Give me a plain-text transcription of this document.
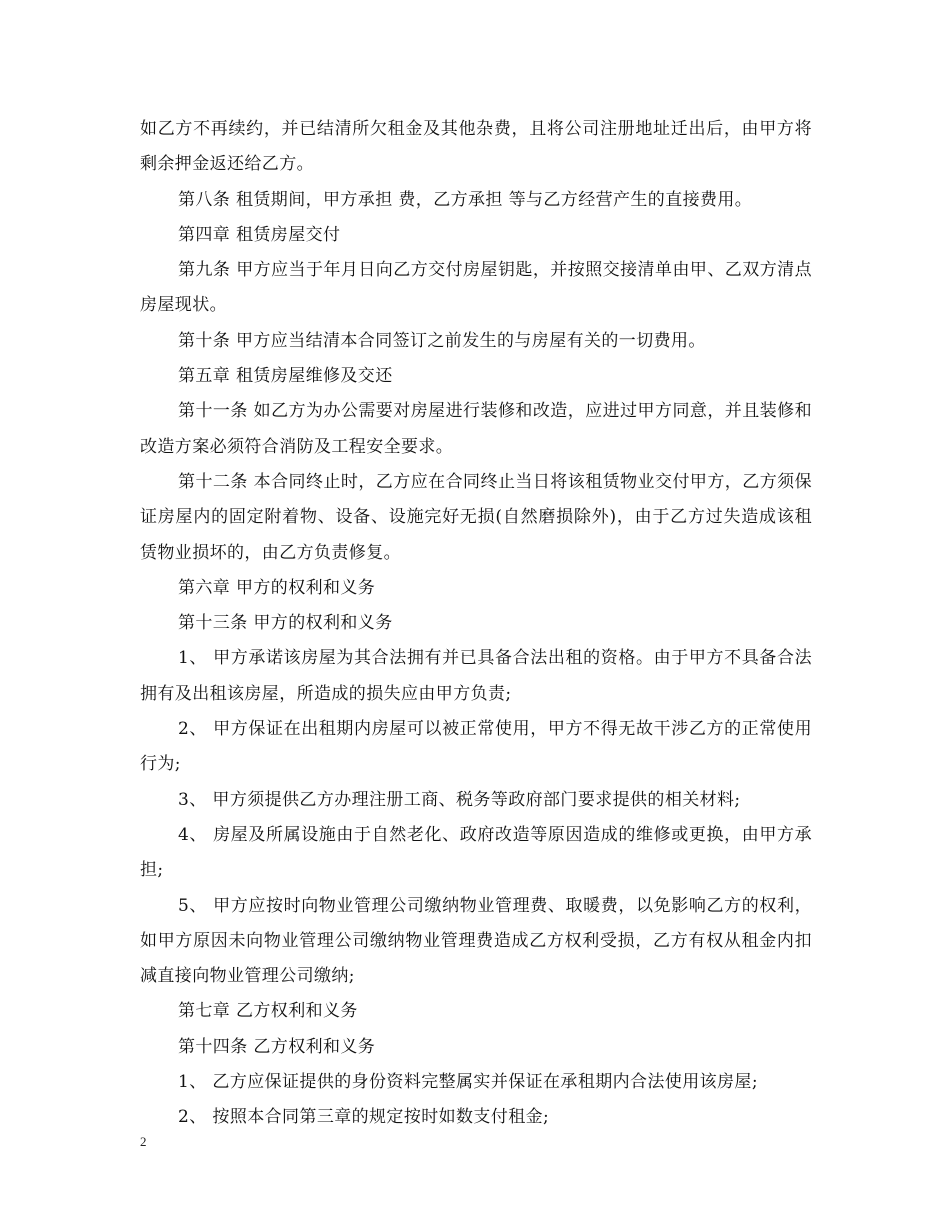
如乙方不再续约，并已结清所欠租金及其他杂费，且将公司注册地址迁出后，由甲方将剩余押金返还给乙方。

第八条 租赁期间，甲方承担 费，乙方承担 等与乙方经营产生的直接费用。

第四章 租赁房屋交付

第九条 甲方应当于年月日向乙方交付房屋钥匙，并按照交接清单由甲、乙双方清点房屋现状。

第十条 甲方应当结清本合同签订之前发生的与房屋有关的一切费用。

第五章 租赁房屋维修及交还

第十一条 如乙方为办公需要对房屋进行装修和改造，应进过甲方同意，并且装修和改造方案必须符合消防及工程安全要求。

第十二条 本合同终止时，乙方应在合同终止当日将该租赁物业交付甲方，乙方须保证房屋内的固定附着物、设备、设施完好无损(自然磨损除外)，由于乙方过失造成该租赁物业损坏的，由乙方负责修复。

第六章 甲方的权利和义务

第十三条 甲方的权利和义务

1、 甲方承诺该房屋为其合法拥有并已具备合法出租的资格。由于甲方不具备合法拥有及出租该房屋，所造成的损失应由甲方负责;

2、 甲方保证在出租期内房屋可以被正常使用，甲方不得无故干涉乙方的正常使用行为;

3、 甲方须提供乙方办理注册工商、税务等政府部门要求提供的相关材料;

4、 房屋及所属设施由于自然老化、政府改造等原因造成的维修或更换，由甲方承担;

5、 甲方应按时向物业管理公司缴纳物业管理费、取暖费，以免影响乙方的权利，如甲方原因未向物业管理公司缴纳物业管理费造成乙方权利受损，乙方有权从租金内扣减直接向物业管理公司缴纳;

第七章 乙方权利和义务

第十四条 乙方权利和义务

1、 乙方应保证提供的身份资料完整属实并保证在承租期内合法使用该房屋;

2、 按照本合同第三章的规定按时如数支付租金;

2
